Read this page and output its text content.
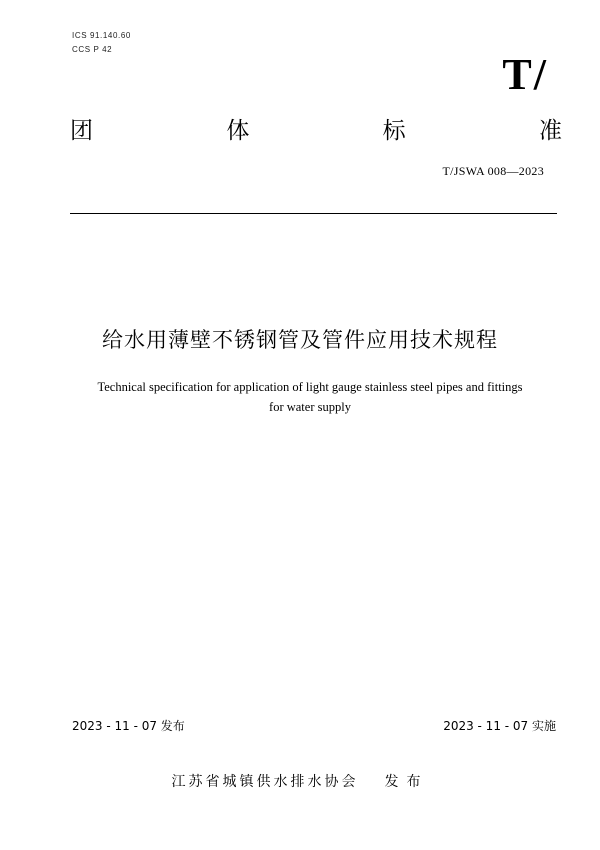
ICS 91.140.60
CCS P 42
T/
团	体	标	准
T/JSWA 008—2023
给水用薄壁不锈钢管及管件应用技术规程
Technical specification for application of light gauge stainless steel pipes and fittings
for water supply
2023 - 11 - 07 发布	2023 - 11 - 07 实施
江苏省城镇供水排水协会 发布
